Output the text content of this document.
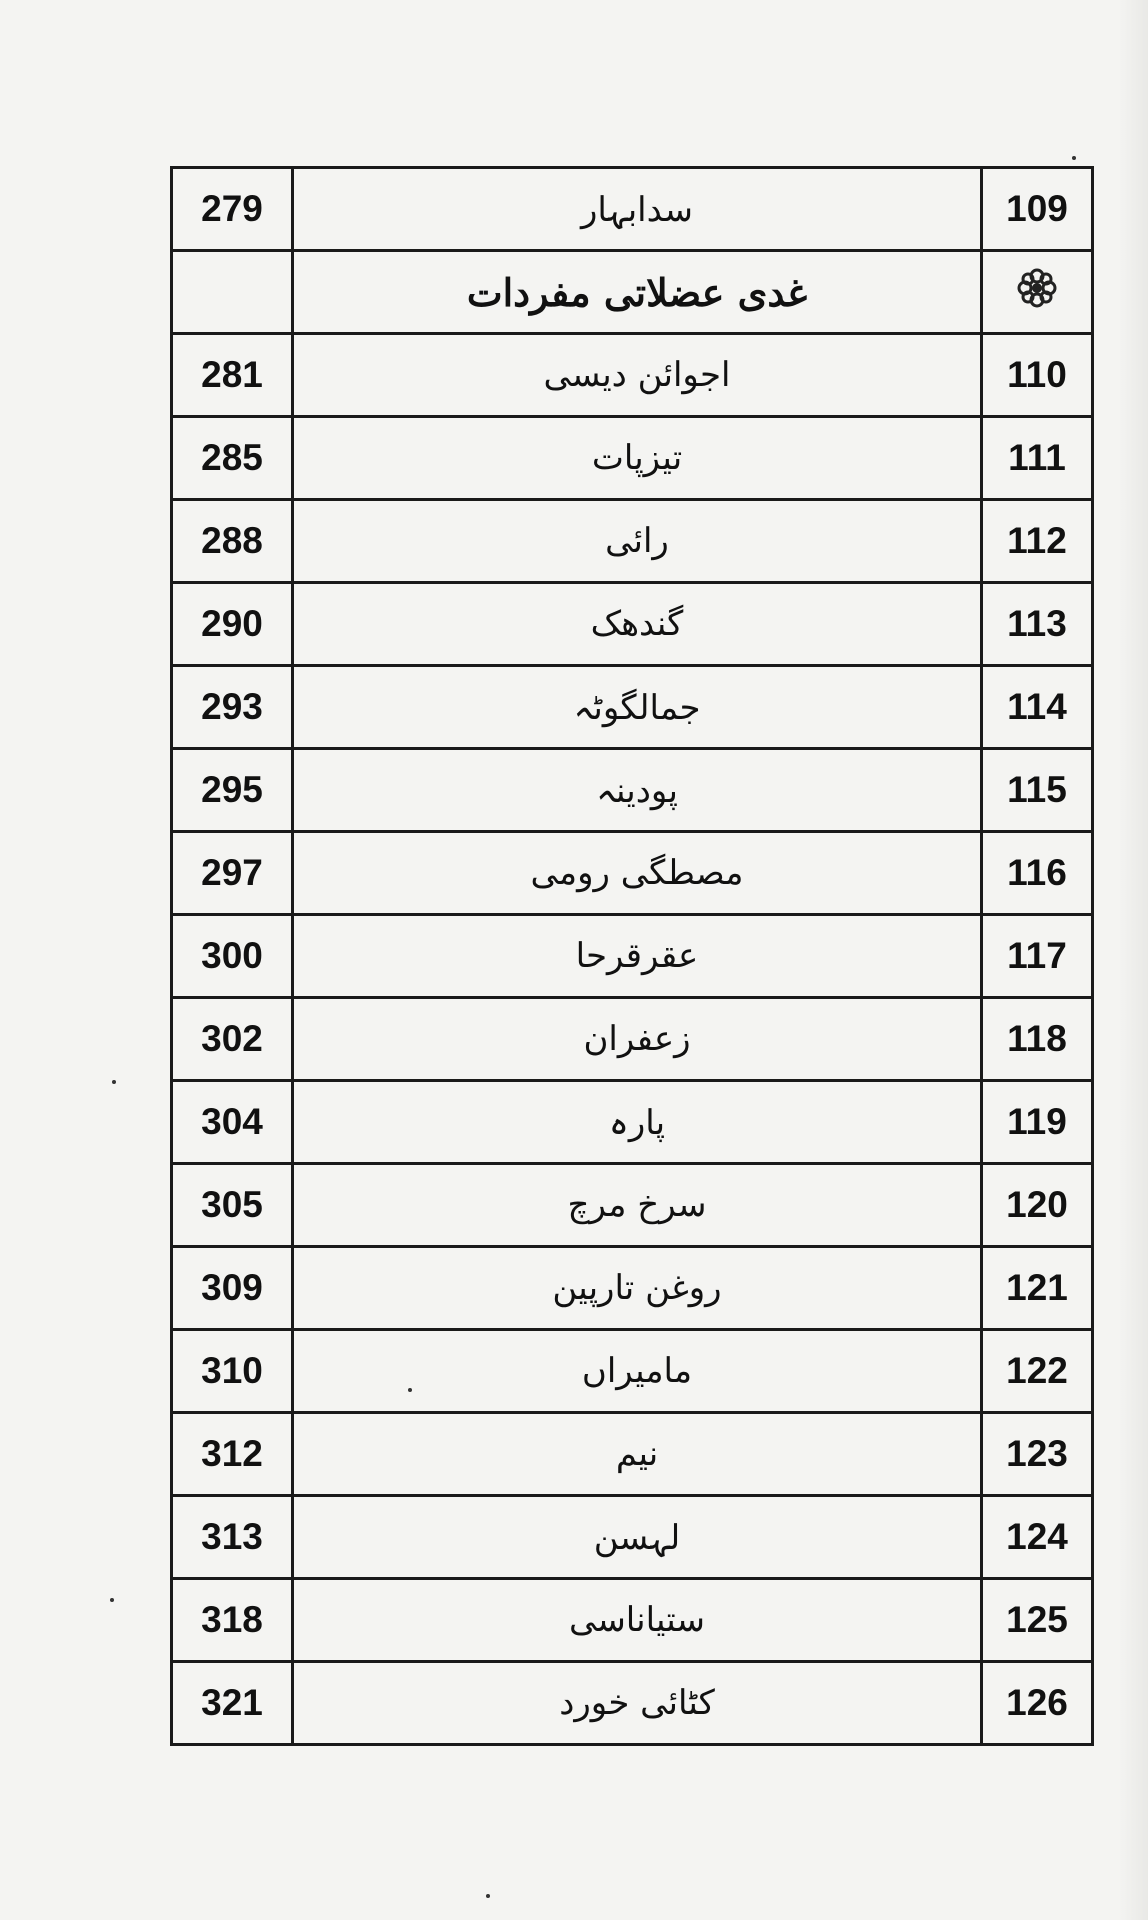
279	سدابہار	109
	غدی عضلاتی مفردات	
281	اجوائن دیسی	110
285	تیزپات	111
288	رائی	112
290	گندھک	113
293	جمالگوٹہ	114
295	پودینہ	115
297	مصطگی رومی	116
300	عقرقرحا	117
302	زعفران	118
304	پارہ	119
305	سرخ مرچ	120
309	روغن تارپین	121
310	مامیراں	122
312	نیم	123
313	لہسن	124
318	ستیاناسی	125
321	کٹائی خورد	126
